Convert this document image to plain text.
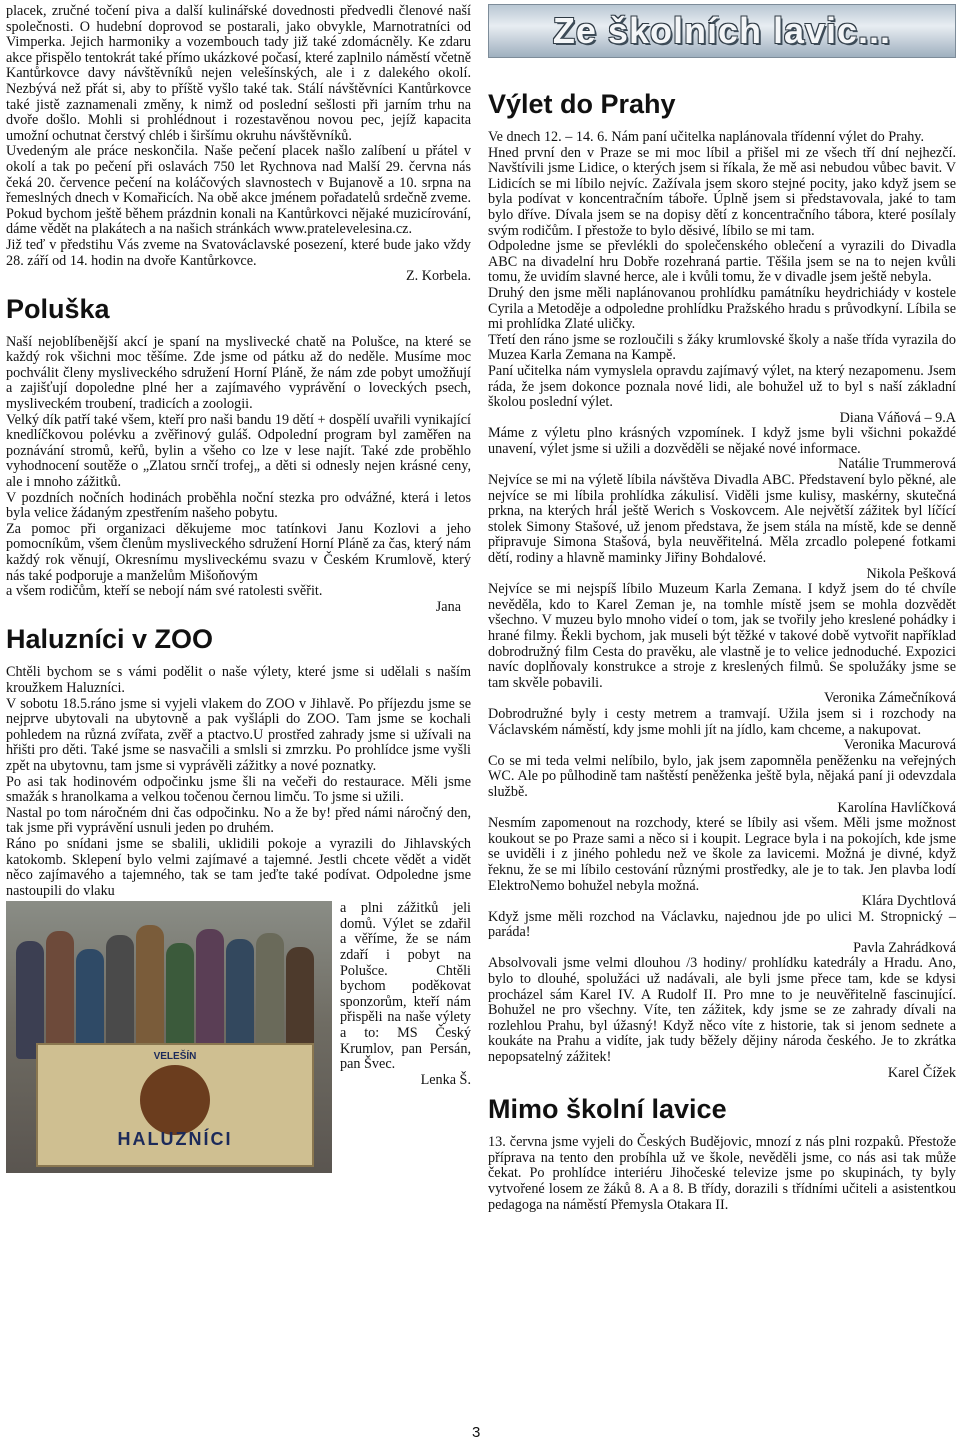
placek, zručné točení piva a další kulinářské dovednosti předvedli členové naší společnosti. O hudební doprovod se postarali, jako obvykle, Marnotratníci od Vimperka. Jejich harmoniky a vozembouch tady již také zdomácněly. Ke zdaru akce přispělo tentokrát také přímo ukázkové počasí, které zaplnilo náměstí včetně Kantůrkovce davy návštěvníků nejen velešínských, ale i z dalekého okolí. Nezbývá než přát si, aby to příště vyšlo také tak. Stálí návštěvníci Kantůrkovce také jistě zaznamenali změny, k nimž od poslední sešlosti při jarním trhu na dvoře došlo. Mohli si prohlédnout i rozestavěnou novou pec, jejíž kapacita umožní ochutnat čerstvý chléb i širšímu okruhu návštěvníků.

Uvedeným ale práce neskončila. Naše pečení placek našlo zalíbení u přátel v okolí a tak po pečení při oslavách 750 let Rychnova nad Malší 29. června nás čeká 20. července pečení na koláčových slavnostech v Bujanově a 10. srpna na řemeslných dnech v Komařicích. Na obě akce jménem pořadatelů srdečně zveme. Pokud bychom ještě během prázdnin konali na Kantůrkovci nějaké muzicírování, dáme vědět na plakátech a na našich stránkách www.pratelevelesina.cz.

Již teď v předstihu Vás zveme na Svatováclavské posezení, které bude jako vždy 28. září od 14. hodin na dvoře Kantůrkovce.

Z. Korbela.

Poluška

Naší nejoblíbenější akcí je spaní na myslivecké chatě na Polušce, na které se každý rok všichni moc těšíme. Zde jsme od pátku až do neděle. Musíme moc pochválit členy mysliveckého sdružení Horní Pláně, že nám zde pobyt umožňují a zajišťují dopoledne plné her a zajímavého vyprávění o loveckých psech, mysliveckém troubení, tradicích a zoologii.

Velký dík patří také všem, kteří pro naši bandu 19 dětí + dospělí uvařili vynikající knedlíčkovou polévku a zvěřinový guláš. Odpolední program byl zaměřen na poznávání stromů, keřů, bylin a všeho co lze v lese najít. Také zde proběhlo vyhodnocení soutěže o „Zlatou srnčí trofej„ a děti si odnesly nejen krásné ceny, ale i mnoho zážitků.

V pozdních nočních hodinách proběhla noční stezka pro odvážné, která i letos byla velice žádaným zpestřením našeho pobytu.

Za pomoc při organizaci děkujeme moc tatínkovi Janu Kozlovi a jeho pomocníkům, všem členům mysliveckého sdružení Horní Pláně za čas, který nám každý rok věnují, Okresnímu mysliveckému svazu v Českém Krumlově, který nás také podporuje a manželům Mišoňovým

a všem rodičům, kteří se nebojí nám své ratolesti svěřit.

Jana

Haluzníci v ZOO

Chtěli bychom se s vámi podělit o naše výlety, které jsme si udělali s naším kroužkem Haluzníci.

V sobotu 18.5.ráno jsme si vyjeli vlakem do ZOO v Jihlavě. Po příjezdu jsme se nejprve ubytovali na ubytovně a pak vyšlápli do ZOO. Tam jsme se kochali pohledem na různá zvířata, zvěř a ptactvo.U prostřed zahrady jsme si užívali na hřišti pro děti. Také jsme se nasvačili a smlsli si zmrzku. Po prohlídce jsme vyšli zpět na ubytovnu, tam jsme si vyprávěli zážitky a nové poznatky.

Po asi tak hodinovém odpočinku jsme šli na večeři do restaurace. Měli jsme smažák s hranolkama a velkou točenou černou limču. To jsme si užili.

Nastal po tom náročném dni čas odpočinku. No a že by! před námi náročný den, tak jsme při vyprávění usnuli jeden po druhém.

Ráno po snídani jsme se sbalili, uklidili pokoje a vyrazili do Jihlavských katokomb. Sklepení bylo velmi zajímavé a tajemné. Jestli chcete vědět a vidět něco zajímavého a tajemného, tak se tam jeďte také podívat. Odpoledne jsme nastoupili do vlaku

VELEŠÍN
HALUZNÍCI
a plni zážitků jeli domů. Výlet se zdařil a věříme, že se nám zdaří i pobyt na Polušce. Chtěli bychom poděkovat sponzorům, kteří nám přispěli na naše výlety a to: MS Český Krumlov, pan Persán, pan Švec.
Lenka Š.
Ze školních lavic...
Výlet do Prahy

Ve dnech 12. – 14. 6. Nám paní učitelka naplánovala třídenní výlet do Prahy.
Hned první den v Praze se mi moc líbil a přišel mi ze všech tří dní nejhezčí. Navštívili jsme Lidice, o kterých jsem si říkala, že mě asi nebudou vůbec bavit. V Lidicích se mi líbilo nejvíc. Zažívala jsem skoro stejné pocity, jako když jsem se byla podívat v koncentračním táboře. Úplně jsem si představovala, jaké to tam bylo dříve. Dívala jsem se na dopisy dětí z koncentračního tábora, které posílaly svým rodičům. I přestože to bylo děsivé, líbilo se mi tam.
Odpoledne jsme se převlékli do společenského oblečení a vyrazili do Divadla ABC na divadelní hru Dobře rozehraná partie. Těšila jsem se na to nejen kvůli tomu, že uvidím slavné herce, ale i kvůli tomu, že v divadle jsem ještě nebyla.
Druhý den jsme měli naplánovanou prohlídku památníku heydrichiády v kostele Cyrila a Metoděje a odpoledne prohlídku Pražského hradu s průvodkyní. Líbila se mi prohlídka Zlaté uličky.
Třetí den ráno jsme se rozloučili s žáky krumlovské školy a naše třída vyrazila do Muzea Karla Zemana na Kampě.
Paní učitelka nám vymyslela opravdu zajímavý výlet, na který nezapomenu. Jsem ráda, že jsem dokonce poznala nové lidi, ale bohužel už to byl s naší základní školou poslední výlet.

Diana Váňová – 9.A

Máme z výletu plno krásných vzpomínek. I když jsme byli všichni pokaždé unavení, výlet jsme si užili a dozvěděli se nějaké nové informace.

Natálie Trummerová

Nejvíce se mi na výletě líbila návštěva Divadla ABC. Představení bylo pěkné, ale nejvíce se mi líbila prohlídka zákulisí. Viděli jsme kulisy, maskérny, skutečná prkna, na kterých hrál ještě Werich s Voskovcem. Ale největší zážitek byl líčící stolek Simony Stašové, už jenom představa, že jsem stála na místě, kde se denně připravuje Simona Stašová, byla neuvěřitelná. Měla zrcadlo polepené fotkami dětí, rodiny a hlavně maminky Jiřiny Bohdalové.

Nikola Pešková

Nejvíce se mi nejspíš líbilo Muzeum Karla Zemana. I když jsem do té chvíle nevěděla, kdo to Karel Zeman je, na tomhle místě jsem se mohla dozvědět všechno. V muzeu bylo mnoho videí o tom, jak se tvořily jeho kreslené pohádky i hrané filmy. Řekli bychom, jak museli být těžké v takové době vytvořit například dobrodružný film Cesta do pravěku, ale vlastně je to velice jednoduché. Expozici navíc doplňovaly konstrukce a stroje z kreslených filmů. Se spolužáky jsme se tam skvěle pobavili.

Veronika Zámečníková

Dobrodružné byly i cesty metrem a tramvají. Užila jsem si i rozchody na Václavském náměstí, kdy jsme mohli jít na jídlo, kam chceme, a nakupovat.

Veronika Macurová

Co se mi teda velmi nelíbilo, bylo, jak jsem zapomněla peněženku na veřejných WC. Ale po půlhodině tam naštěstí peněženka ještě byla, nějaká paní ji odevzdala službě.

Karolína Havlíčková

Nesmím zapomenout na rozchody, které se líbily asi všem. Měli jsme možnost koukout se po Praze sami a něco si i koupit. Legrace byla i na pokojích, kde jsme se uviděli i z jiného pohledu než ve škole za lavicemi. Možná je divné, když řeknu, že se mi líbilo cestování různými prostředky, ale je to tak. Jen plavba lodí ElektroNemo bohužel nebyla možná.

Klára Dychtlová

Když jsme měli rozchod na Václavku, najednou jde po ulici M. Stropnický – paráda!

Pavla Zahrádková

Absolvovali jsme velmi dlouhou /3 hodiny/ prohlídku katedrály a Hradu. Ano, bylo to dlouhé, spolužáci už nadávali, ale byli jsme přece tam, kde se kdysi procházel sám Karel IV. A Rudolf II. Pro mne to je neuvěřitelně fascinující. Bohužel ne pro všechny. Víte, ten zážitek, kdy jsme se ze zahrady dívali na rozlehlou Prahu, byl úžasný! Když něco víte z historie, tak si jenom sednete a koukáte na Prahu a vidíte, jak tudy běžely dějiny národa českého. Je to zkrátka nepopsatelný zážitek!

Karel Čížek

Mimo školní lavice

13. června jsme vyjeli do Českých Budějovic, mnozí z nás plni rozpaků. Přestože příprava na tento den probíhla už ve škole, nevěděli jsme, co nás asi tak může čekat. Po prohlídce interiéru Jihočeské televize jsme po skupinách, ty byly vytvořené losem ze žáků 8. A a 8. B třídy, dorazili s třídními učiteli a asistentkou pedagoga na náměstí Přemysla Otakara II.

3
